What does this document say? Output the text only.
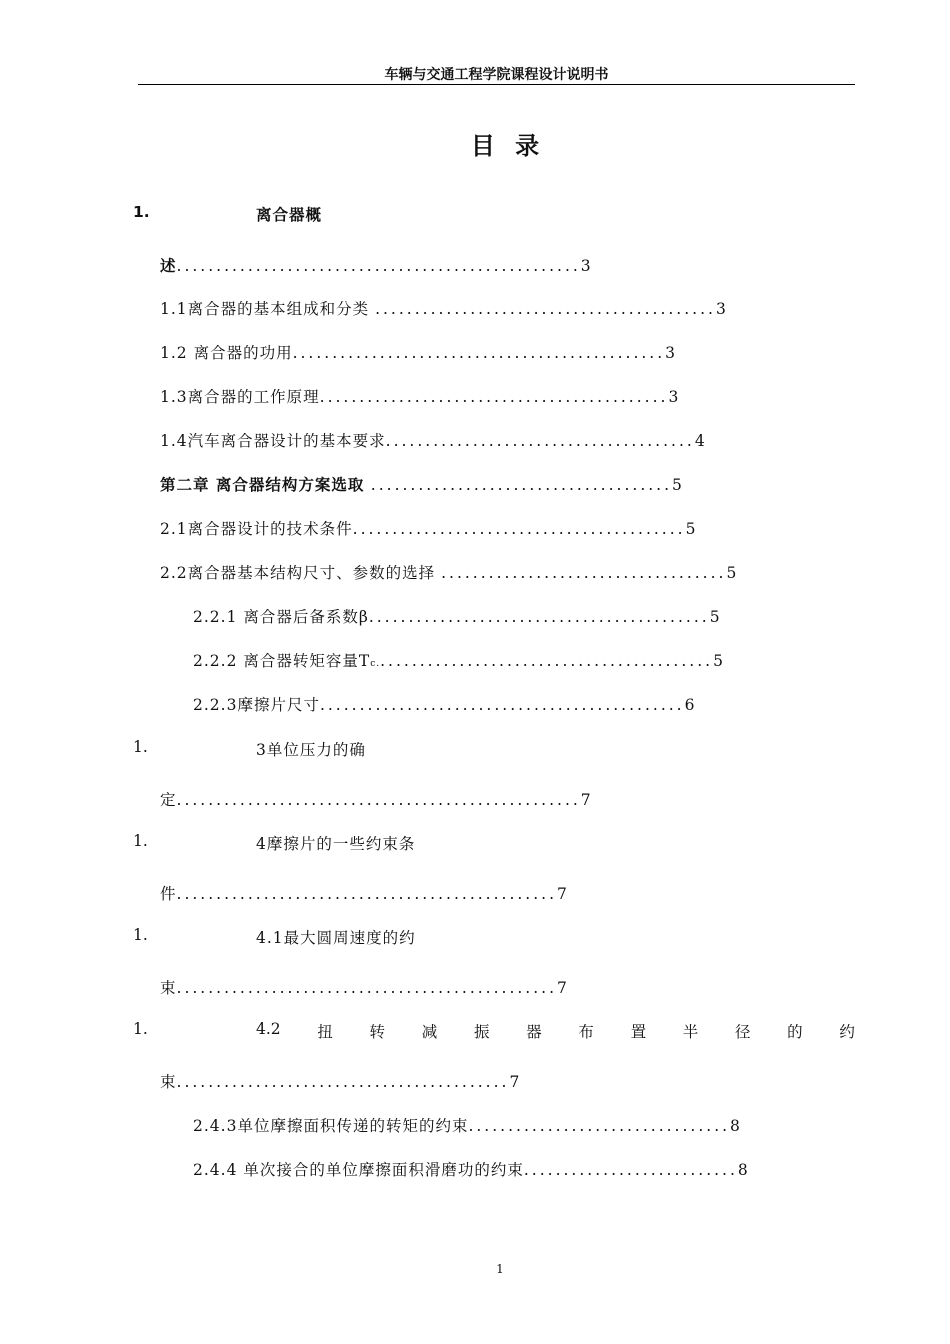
车辆与交通工程学院课程设计说明书
目 录
1.	离合器概
述...................................................3
1.1离合器的基本组成和分类 ...........................................3
1.2 离合器的功用...............................................3
1.3离合器的工作原理............................................3
1.4汽车离合器设计的基本要求.......................................4
第二章 离合器结构方案选取 ......................................5
2.1离合器设计的技术条件..........................................5
2.2离合器基本结构尺寸、参数的选择 ....................................5
2.2.1 离合器后备系数β...........................................5
2.2.2 离合器转矩容量Tc...........................................5
2.2.3摩擦片尺寸..............................................6
1.	3单位压力的确
定...................................................7
1.	4摩擦片的一些约束条
件................................................7
1.	4.1最大圆周速度的约
束................................................7
1.	4.2 扭 转 减 振 器 布 置 半 径 的 约
束..........................................7
2.4.3单位摩擦面积传递的转矩的约束.................................8
2.4.4 单次接合的单位摩擦面积滑磨功的约束...........................8
1
